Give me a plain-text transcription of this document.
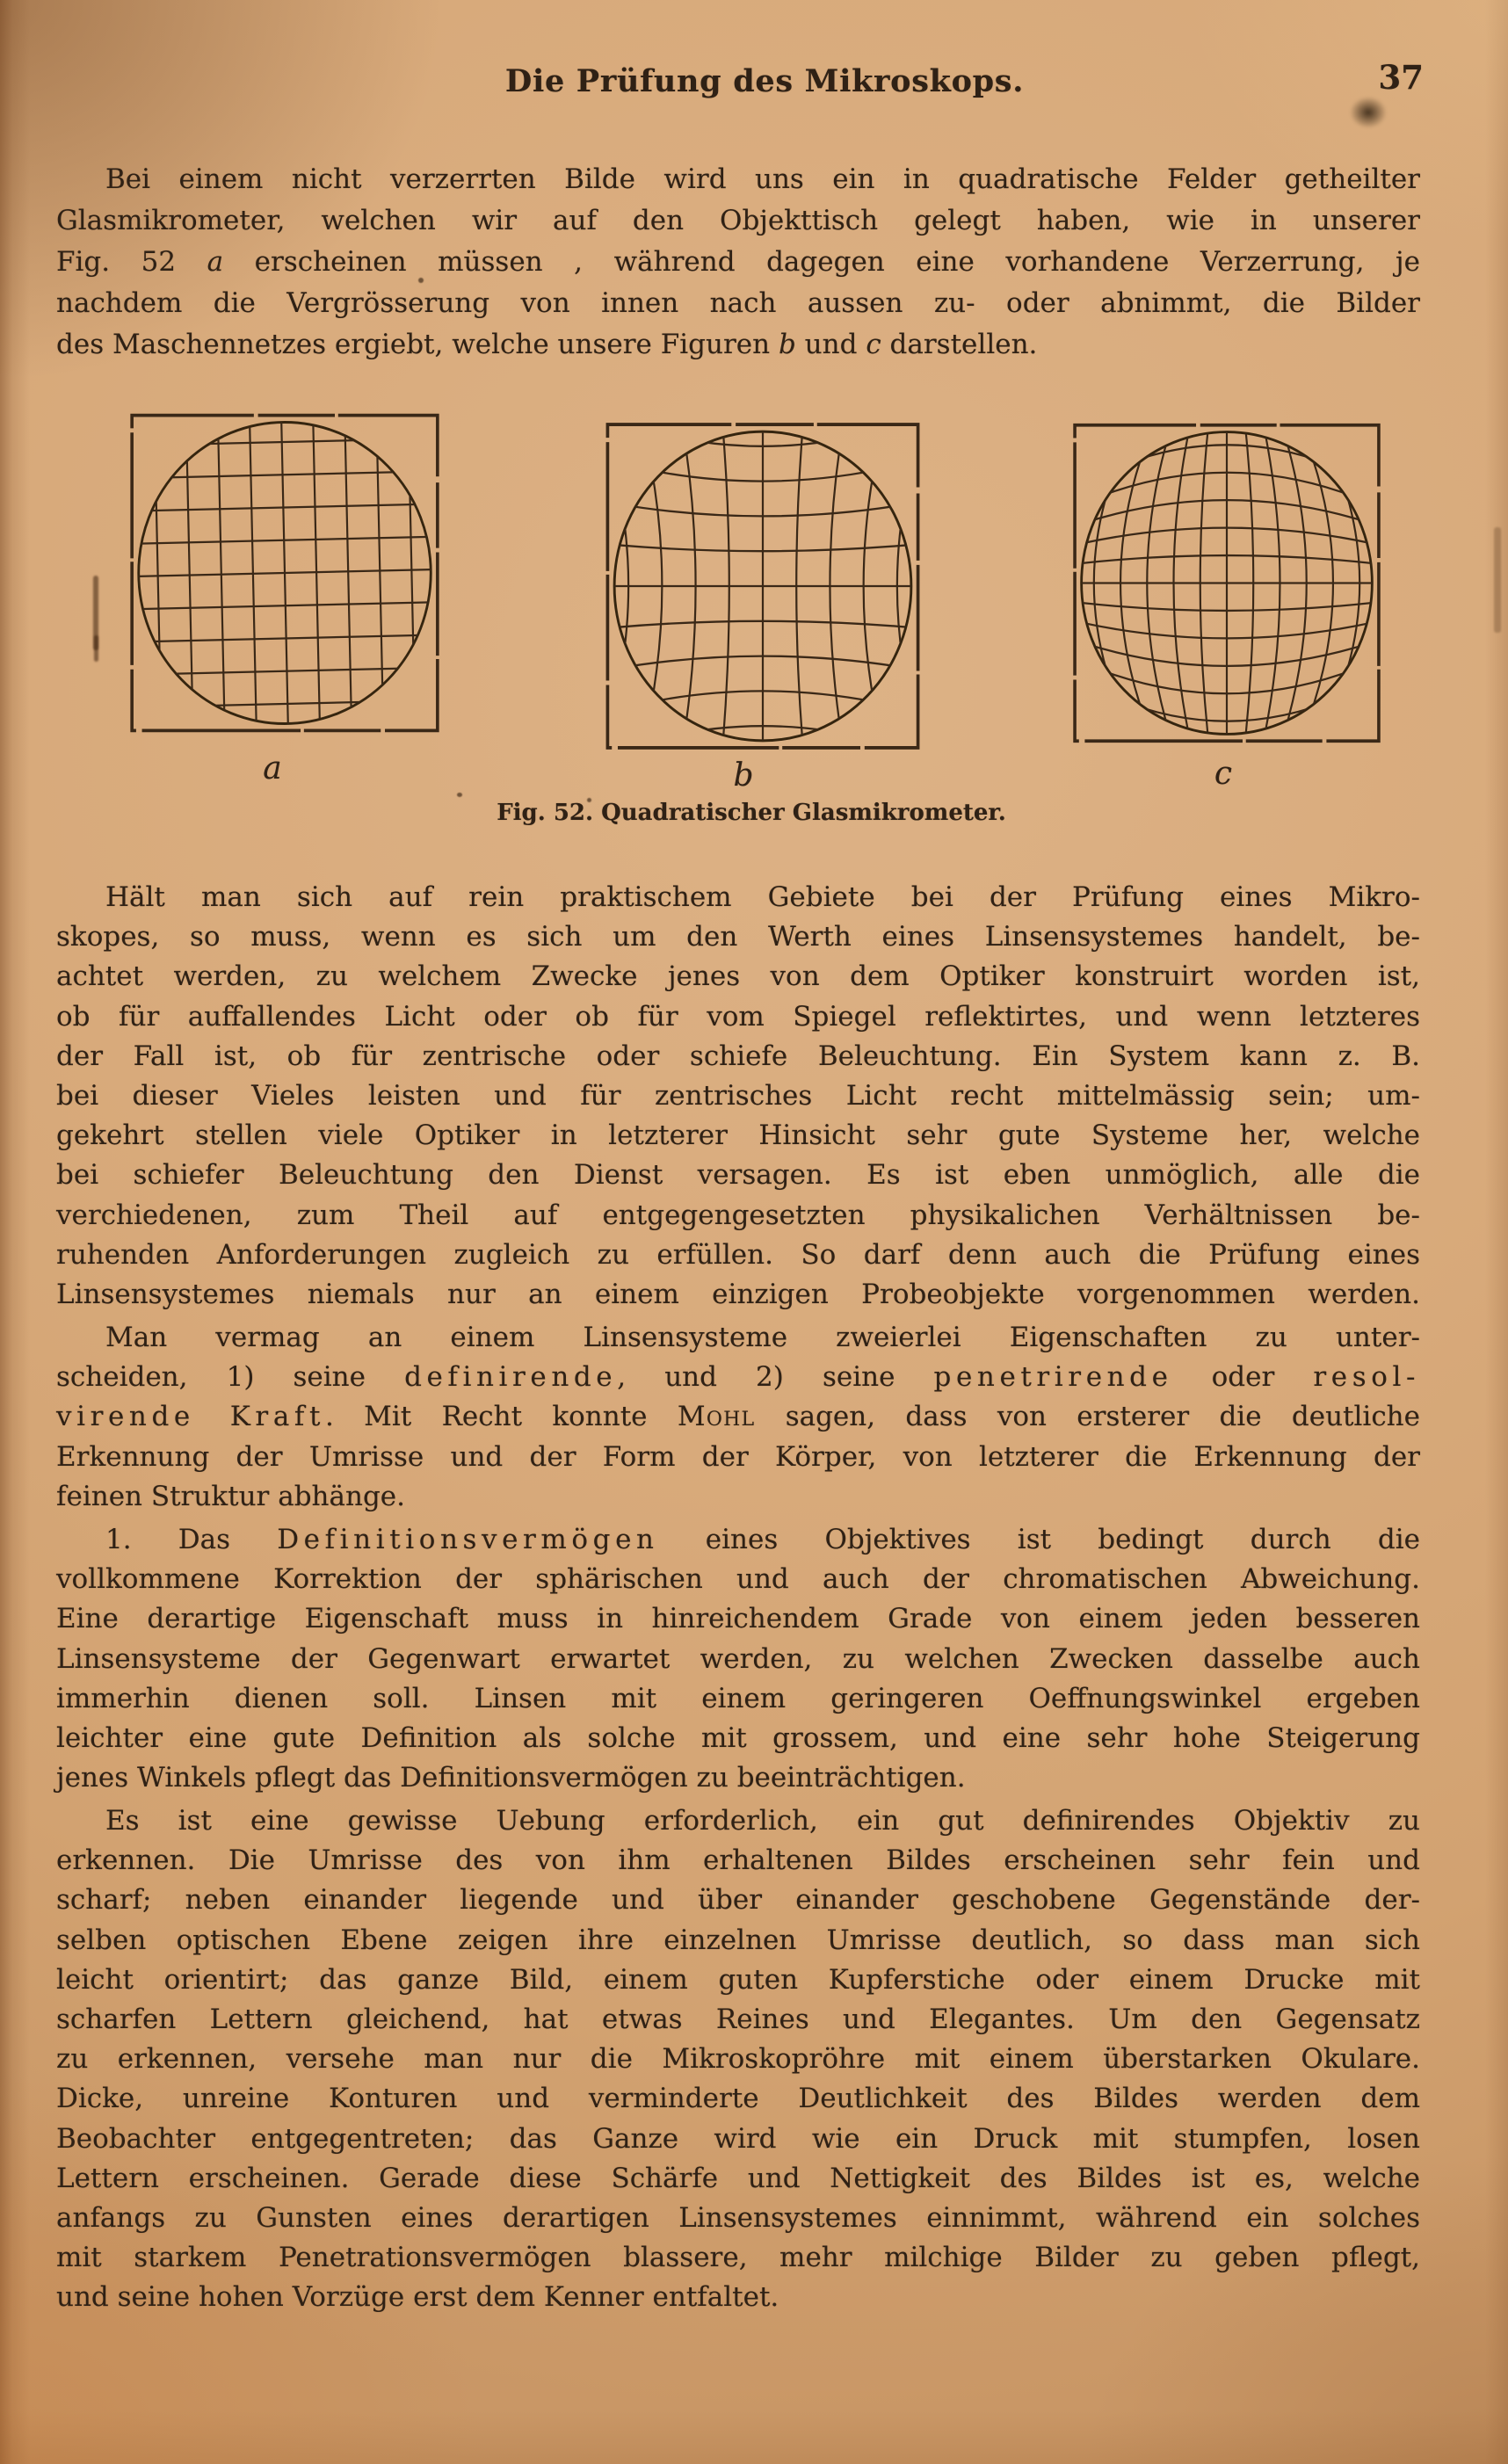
Die Prüfung des Mikroskops.	37
Bei einem nicht verzerrten Bilde wird uns ein in quadratische Felder getheilter
Glasmikrometer, welchen wir auf den Objekttisch gelegt haben, wie in unserer
Fig. 52 a erscheinen müssen , während dagegen eine vorhandene Verzerrung, je
nachdem die Vergrösserung von innen nach aussen zu- oder abnimmt, die Bilder
des Maschennetzes ergiebt, welche unsere Figuren b und c darstellen.
a	b	c
Fig. 52. Quadratischer Glasmikrometer.
Hält man sich auf rein praktischem Gebiete bei der Prüfung eines Mikro-
skopes, so muss, wenn es sich um den Werth eines Linsensystemes handelt, be-
achtet werden, zu welchem Zwecke jenes von dem Optiker konstruirt worden ist,
ob für auffallendes Licht oder ob für vom Spiegel reflektirtes, und wenn letzteres
der Fall ist, ob für zentrische oder schiefe Beleuchtung. Ein System kann z. B.
bei dieser Vieles leisten und für zentrisches Licht recht mittelmässig sein; um-
gekehrt stellen viele Optiker in letzterer Hinsicht sehr gute Systeme her, welche
bei schiefer Beleuchtung den Dienst versagen. Es ist eben unmöglich, alle die
verchiedenen, zum Theil auf entgegengesetzten physikalichen Verhältnissen be-
ruhenden Anforderungen zugleich zu erfüllen. So darf denn auch die Prüfung eines
Linsensystemes niemals nur an einem einzigen Probeobjekte vorgenommen werden.
Man vermag an einem Linsensysteme zweierlei Eigenschaften zu unter-
scheiden, 1) seine definirende, und 2) seine penetrirende oder resol-
virende Kraft. Mit Recht konnte Mohl sagen, dass von ersterer die deutliche
Erkennung der Umrisse und der Form der Körper, von letzterer die Erkennung der
feinen Struktur abhänge.
1. Das Definitionsvermögen eines Objektives ist bedingt durch die
vollkommene Korrektion der sphärischen und auch der chromatischen Abweichung.
Eine derartige Eigenschaft muss in hinreichendem Grade von einem jeden besseren
Linsensysteme der Gegenwart erwartet werden, zu welchen Zwecken dasselbe auch
immerhin dienen soll. Linsen mit einem geringeren Oeffnungswinkel ergeben
leichter eine gute Definition als solche mit grossem, und eine sehr hohe Steigerung
jenes Winkels pflegt das Definitionsvermögen zu beeinträchtigen.
Es ist eine gewisse Uebung erforderlich, ein gut definirendes Objektiv zu
erkennen. Die Umrisse des von ihm erhaltenen Bildes erscheinen sehr fein und
scharf; neben einander liegende und über einander geschobene Gegenstände der-
selben optischen Ebene zeigen ihre einzelnen Umrisse deutlich, so dass man sich
leicht orientirt; das ganze Bild, einem guten Kupferstiche oder einem Drucke mit
scharfen Lettern gleichend, hat etwas Reines und Elegantes. Um den Gegensatz
zu erkennen, versehe man nur die Mikroskopröhre mit einem überstarken Okulare.
Dicke, unreine Konturen und verminderte Deutlichkeit des Bildes werden dem
Beobachter entgegentreten; das Ganze wird wie ein Druck mit stumpfen, losen
Lettern erscheinen. Gerade diese Schärfe und Nettigkeit des Bildes ist es, welche
anfangs zu Gunsten eines derartigen Linsensystemes einnimmt, während ein solches
mit starkem Penetrationsvermögen blassere, mehr milchige Bilder zu geben pflegt,
und seine hohen Vorzüge erst dem Kenner entfaltet.
